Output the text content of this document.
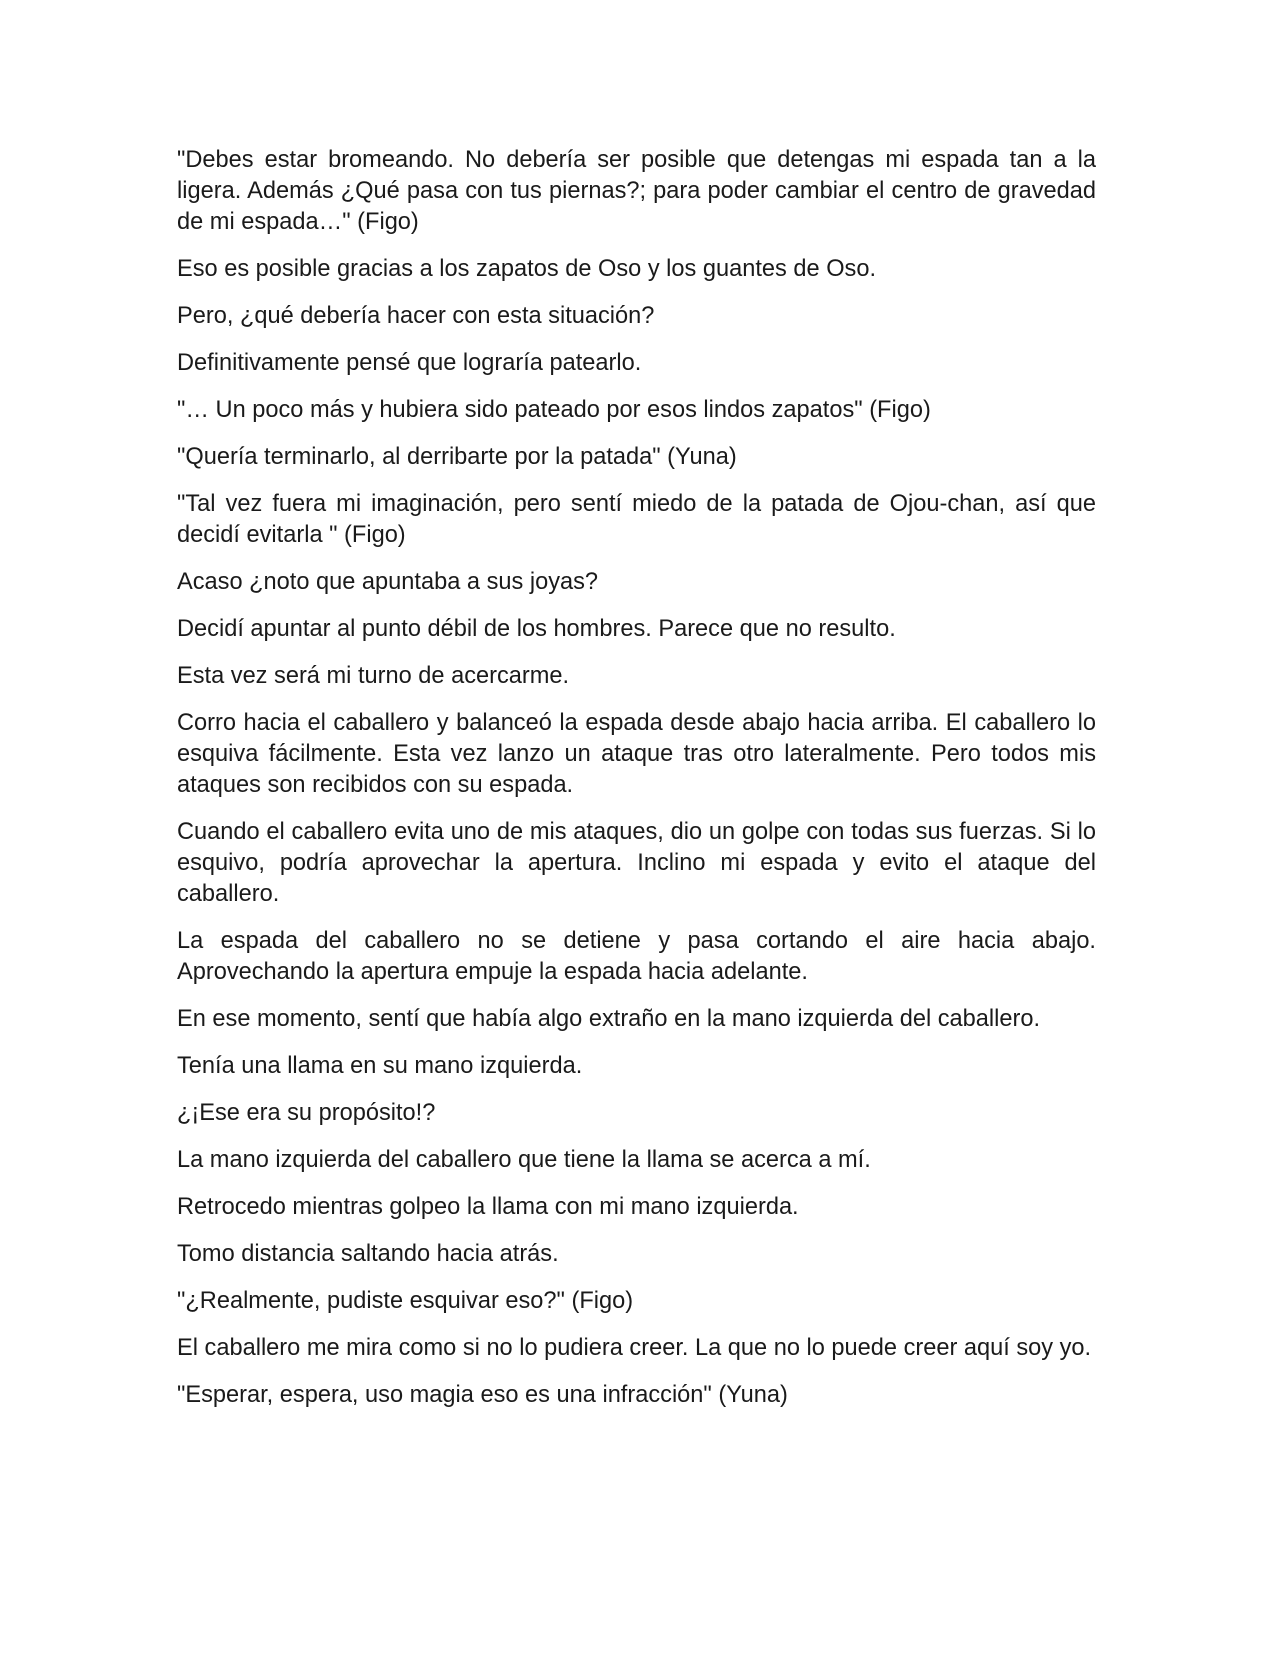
"Debes estar bromeando. No debería ser posible que detengas mi espada tan a la ligera. Además ¿Qué pasa con tus piernas?; para poder cambiar el centro de gravedad de mi espada…" (Figo)

Eso es posible gracias a los zapatos de Oso y los guantes de Oso.

Pero, ¿qué debería hacer con esta situación?

Definitivamente pensé que lograría patearlo.

"… Un poco más y hubiera sido pateado por esos lindos zapatos" (Figo)

"Quería terminarlo, al derribarte por la patada" (Yuna)

"Tal vez fuera mi imaginación, pero sentí miedo de la patada de Ojou-chan, así que decidí evitarla " (Figo)

Acaso ¿noto que apuntaba a sus joyas?

Decidí apuntar al punto débil de los hombres. Parece que no resulto.

Esta vez será mi turno de acercarme.

Corro hacia el caballero y balanceó la espada desde abajo hacia arriba. El caballero lo esquiva fácilmente. Esta vez lanzo un ataque tras otro lateralmente. Pero todos mis ataques son recibidos con su espada.

Cuando el caballero evita uno de mis ataques, dio un golpe con todas sus fuerzas. Si lo esquivo, podría aprovechar la apertura. Inclino mi espada y evito el ataque del caballero.

La espada del caballero no se detiene y pasa cortando el aire hacia abajo. Aprovechando la apertura empuje la espada hacia adelante.

En ese momento, sentí que había algo extraño en la mano izquierda del caballero.

Tenía una llama en su mano izquierda.

¿¡Ese era su propósito!?

La mano izquierda del caballero que tiene la llama se acerca a mí.

Retrocedo mientras golpeo la llama con mi mano izquierda.

Tomo distancia saltando hacia atrás.

"¿Realmente, pudiste esquivar eso?" (Figo)

El caballero me mira como si no lo pudiera creer. La que no lo puede creer aquí soy yo.

"Esperar, espera, uso magia eso es una infracción" (Yuna)
